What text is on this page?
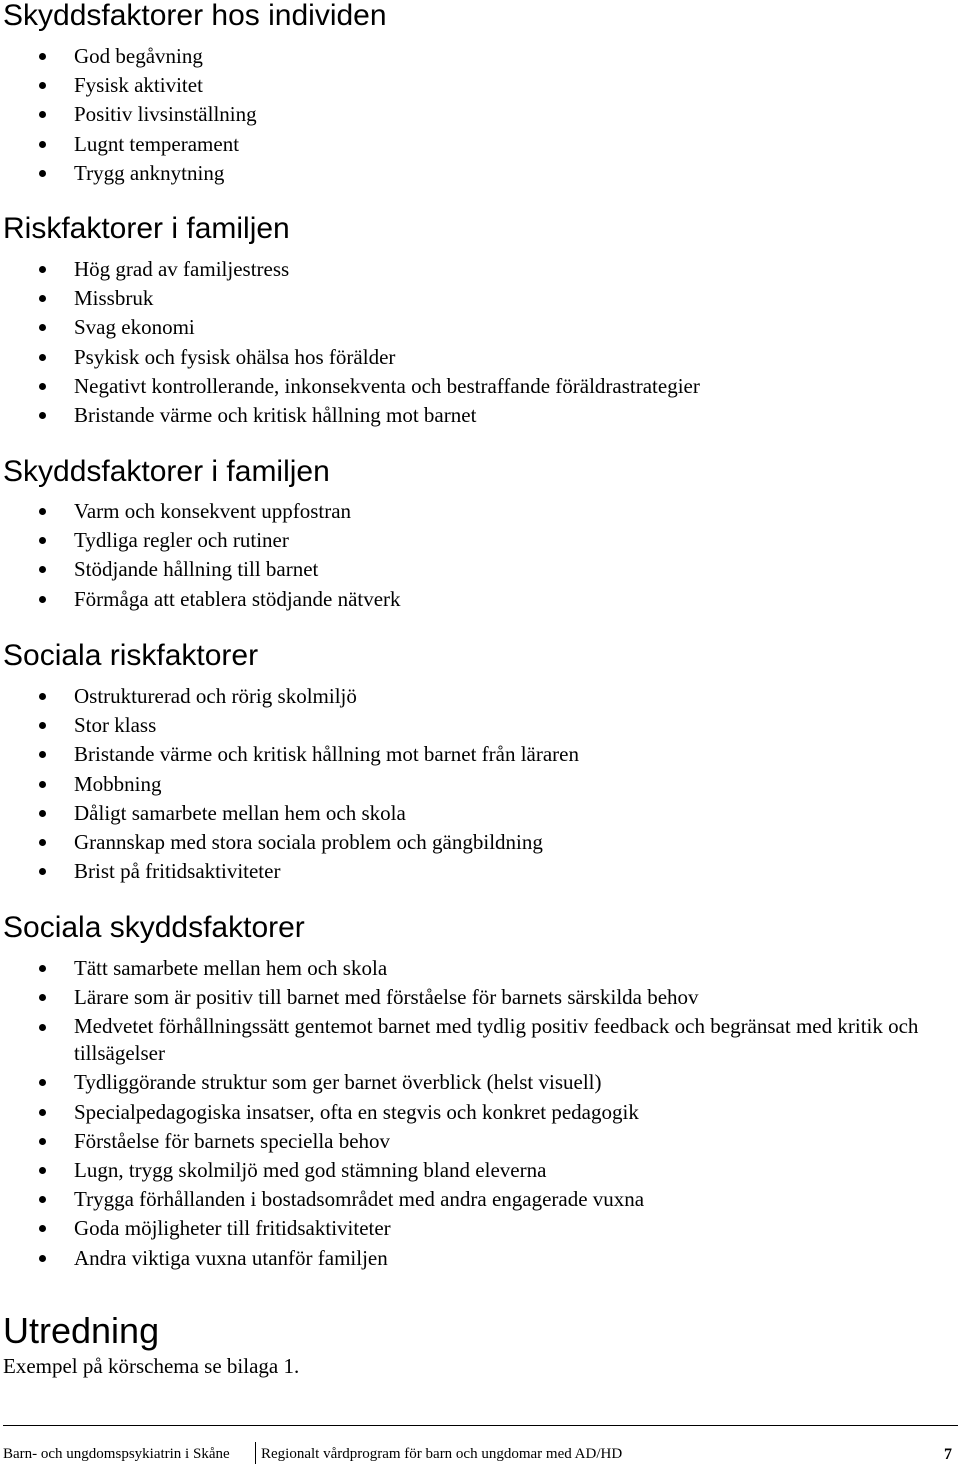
Skyddsfaktorer hos individen
God begåvning
Fysisk aktivitet
Positiv livsinställning
Lugnt temperament
Trygg anknytning
Riskfaktorer i familjen
Hög grad av familjestress
Missbruk
Svag ekonomi
Psykisk och fysisk ohälsa hos förälder
Negativt kontrollerande, inkonsekventa och bestraffande föräldrastrategier
Bristande värme och kritisk hållning mot barnet
Skyddsfaktorer i familjen
Varm och konsekvent uppfostran
Tydliga regler och rutiner
Stödjande hållning till barnet
Förmåga att etablera stödjande nätverk
Sociala riskfaktorer
Ostrukturerad och rörig skolmiljö
Stor klass
Bristande värme och kritisk hållning mot barnet från läraren
Mobbning
Dåligt samarbete mellan hem och skola
Grannskap med stora sociala problem och gängbildning
Brist på fritidsaktiviteter
Sociala skyddsfaktorer
Tätt samarbete mellan hem och skola
Lärare som är positiv till barnet med förståelse för barnets särskilda behov
Medvetet förhållningssätt gentemot barnet med tydlig positiv feedback och begränsat med kritik och tillsägelser
Tydliggörande struktur som ger barnet överblick (helst visuell)
Specialpedagogiska insatser, ofta en stegvis och konkret pedagogik
Förståelse för barnets speciella behov
Lugn, trygg skolmiljö med god stämning bland eleverna
Trygga förhållanden i bostadsområdet med andra engagerade vuxna
Goda möjligheter till fritidsaktiviteter
Andra viktiga vuxna utanför familjen
Utredning

Exempel på körschema se bilaga 1.

Barn- och ungdomspsykiatrin i Skåne Regionalt vårdprogram för barn och ungdomar med AD/HD	7
